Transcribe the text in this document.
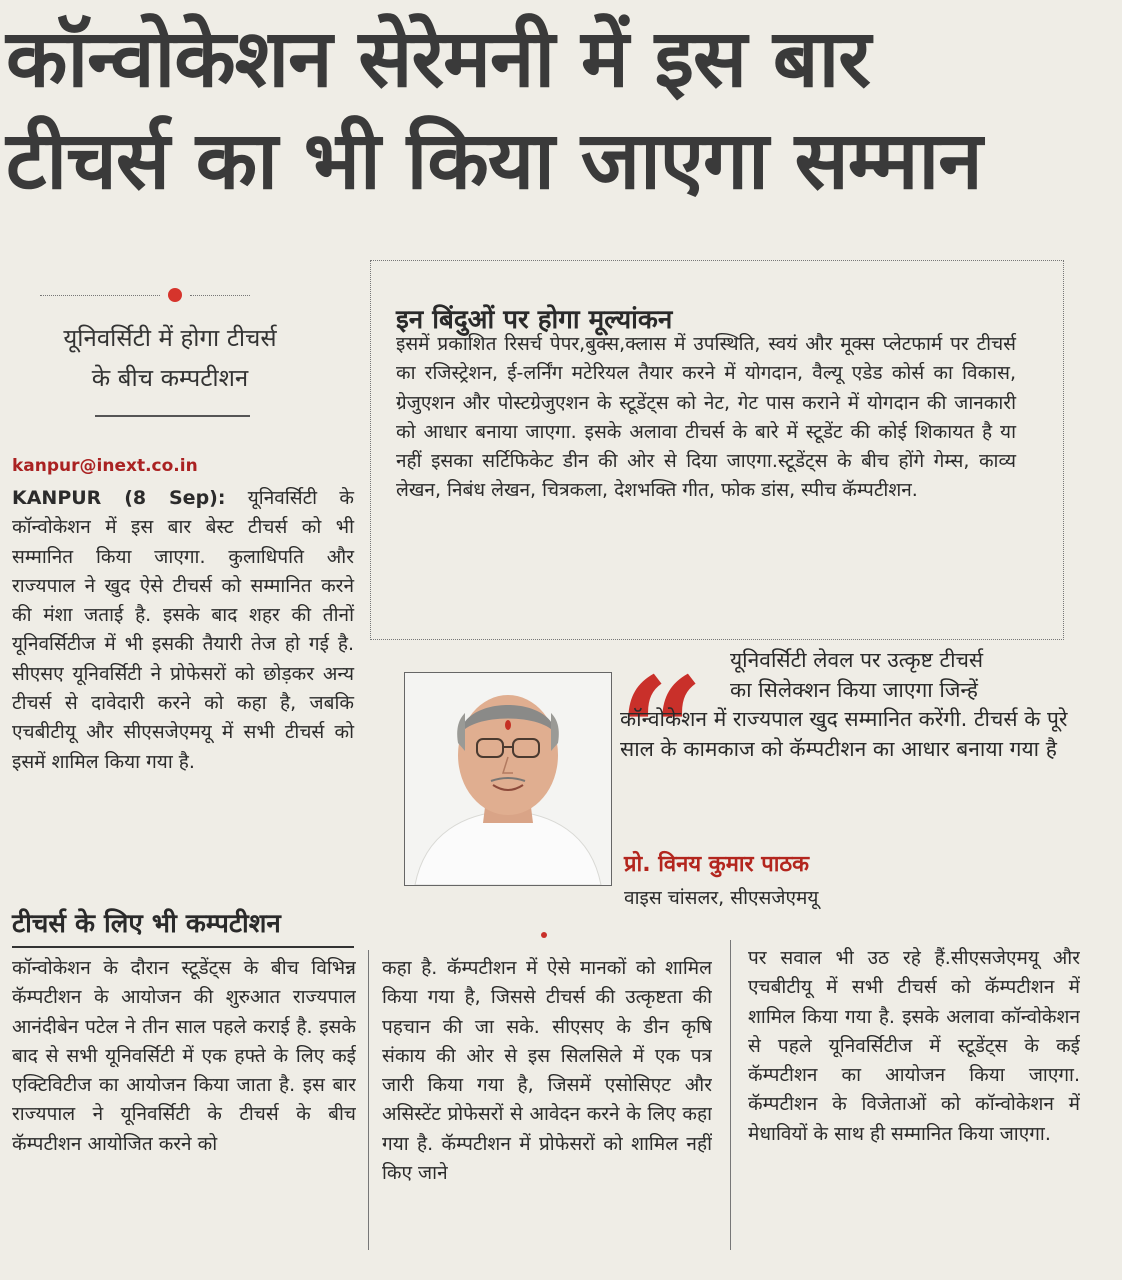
कॉन्वोकेशन सेरेमनी में इस बार
टीचर्स का भी किया जाएगा सम्मान
यूनिवर्सिटी में होगा टीचर्स
के बीच कम्पटीशन
kanpur@inext.co.in

KANPUR (8 Sep): यूनिवर्सिटी के कॉन्वोकेशन में इस बार बेस्ट टीचर्स को भी सम्मानित किया जाएगा. कुलाधिपति और राज्यपाल ने खुद ऐसे टीचर्स को सम्मानित करने की मंशा जताई है. इसके बाद शहर की तीनों यूनिवर्सिटीज में भी इसकी तैयारी तेज हो गई है. सीएसए यूनिवर्सिटी ने प्रोफेसरों को छोड़कर अन्य टीचर्स से दावेदारी करने को कहा है, जबकि एचबीटीयू और सीएसजेएमयू में सभी टीचर्स को इसमें शामिल किया गया है.

टीचर्स के लिए भी कम्पटीशन
कॉन्वोकेशन के दौरान स्टूडेंट्स के बीच विभिन्न कॅम्पटीशन के आयोजन की शुरुआत राज्यपाल आनंदीबेन पटेल ने तीन साल पहले कराई है. इसके बाद से सभी यूनिवर्सिटी में एक हफ्ते के लिए कई एक्टिविटीज का आयोजन किया जाता है. इस बार राज्यपाल ने यूनिवर्सिटी के टीचर्स के बीच कॅम्पटीशन आयोजित करने को
कहा है. कॅम्पटीशन में ऐसे मानकों को शामिल किया गया है, जिससे टीचर्स की उत्कृष्टता की पहचान की जा सके. सीएसए के डीन कृषि संकाय की ओर से इस सिलसिले में एक पत्र जारी किया गया है, जिसमें एसोसिएट और असिस्टेंट प्रोफेसरों से आवेदन करने के लिए कहा गया है. कॅम्पटीशन में प्रोफेसरों को शामिल नहीं किए जाने
पर सवाल भी उठ रहे हैं.सीएसजेएमयू और एचबीटीयू में सभी टीचर्स को कॅम्पटीशन में शामिल किया गया है. इसके अलावा कॉन्वोकेशन से पहले यूनिवर्सिटीज में स्टूडेंट्स के कई कॅम्पटीशन का आयोजन किया जाएगा. कॅम्पटीशन के विजेताओं को कॉन्वोकेशन में मेधावियों के साथ ही सम्मानित किया जाएगा.
इन बिंदुओं पर होगा मूल्यांकन
इसमें प्रकाशित रिसर्च पेपर,बुक्स,क्लास में उपस्थिति, स्वयं और मूक्स प्लेटफार्म पर टीचर्स का रजिस्ट्रेशन, ई-लर्निंग मटेरियल तैयार करने में योगदान, वैल्यू एडेड कोर्स का विकास, ग्रेजुएशन और पोस्टग्रेजुएशन के स्टूडेंट्स को नेट, गेट पास कराने में योगदान की जानकारी को आधार बनाया जाएगा. इसके अलावा टीचर्स के बारे में स्टूडेंट की कोई शिकायत है या नहीं इसका सर्टिफिकेट डीन की ओर से दिया जाएगा.स्टूडेंट्स के बीच होंगे गेम्स, काव्य लेखन, निबंध लेखन, चित्रकला, देशभक्ति गीत, फोक डांस, स्पीच कॅम्पटीशन.
“	यूनिवर्सिटी लेवल पर उत्कृष्ट टीचर्स
का सिलेक्शन किया जाएगा जिन्हें
कॉन्वोकेशन में राज्यपाल खुद सम्मानित करेंगी. टीचर्स के पूरे साल के कामकाज को कॅम्पटीशन का आधार बनाया गया है
प्रो. विनय कुमार पाठक
वाइस चांसलर, सीएसजेएमयू
